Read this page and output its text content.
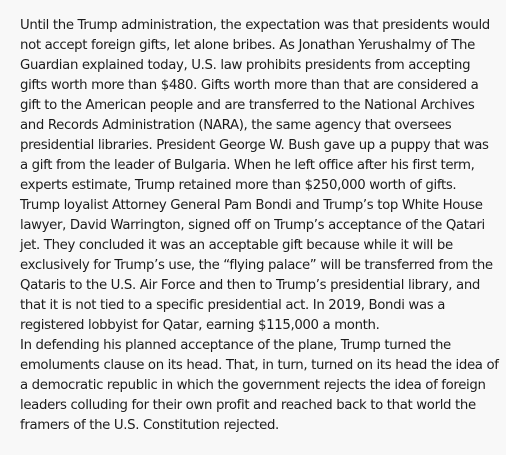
Until the Trump administration, the expectation was that presidents would
not accept foreign gifts, let alone bribes. As Jonathan Yerushalmy of The
Guardian explained today, U.S. law prohibits presidents from accepting
gifts worth more than $480. Gifts worth more than that are considered a
gift to the American people and are transferred to the National Archives
and Records Administration (NARA), the same agency that oversees
presidential libraries. President George W. Bush gave up a puppy that was
a gift from the leader of Bulgaria. When he left office after his first term,
experts estimate, Trump retained more than $250,000 worth of gifts.
Trump loyalist Attorney General Pam Bondi and Trump’s top White House
lawyer, David Warrington, signed off on Trump’s acceptance of the Qatari
jet. They concluded it was an acceptable gift because while it will be
exclusively for Trump’s use, the “flying palace” will be transferred from the
Qataris to the U.S. Air Force and then to Trump’s presidential library, and
that it is not tied to a specific presidential act. In 2019, Bondi was a
registered lobbyist for Qatar, earning $115,000 a month.
In defending his planned acceptance of the plane, Trump turned the
emoluments clause on its head. That, in turn, turned on its head the idea of
a democratic republic in which the government rejects the idea of foreign
leaders colluding for their own profit and reached back to that world the
framers of the U.S. Constitution rejected.
